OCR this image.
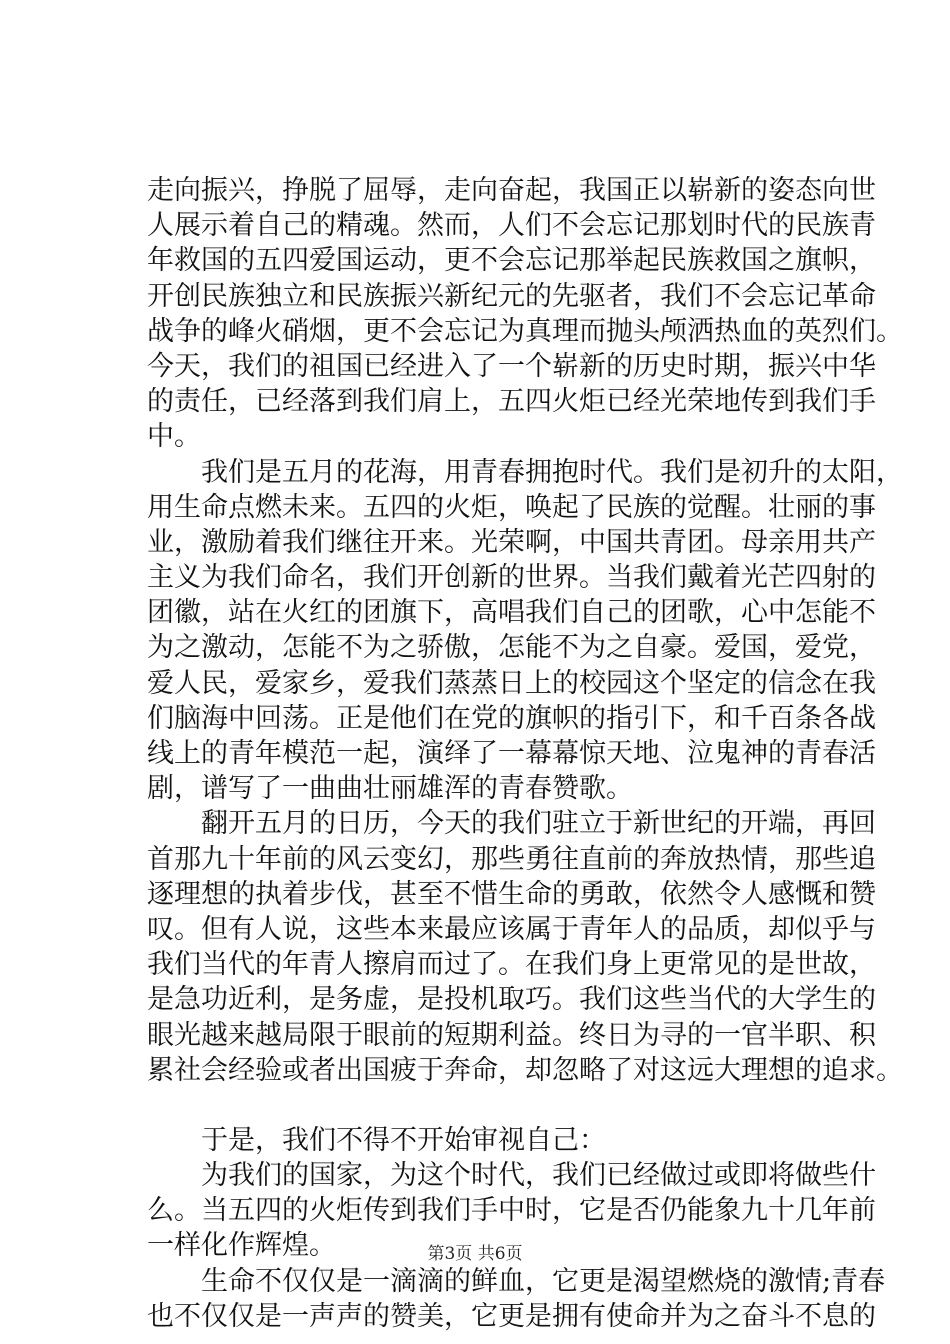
走向振兴，挣脱了屈辱，走向奋起，我国正以崭新的姿态向世
人展示着自己的精魂。然而，人们不会忘记那划时代的民族青
年救国的五四爱国运动，更不会忘记那举起民族救国之旗帜，
开创民族独立和民族振兴新纪元的先驱者，我们不会忘记革命
战争的峰火硝烟，更不会忘记为真理而抛头颅洒热血的英烈们。
今天，我们的祖国已经进入了一个崭新的历史时期，振兴中华
的责任，已经落到我们肩上，五四火炬已经光荣地传到我们手
中。
　　我们是五月的花海，用青春拥抱时代。我们是初升的太阳，
用生命点燃未来。五四的火炬，唤起了民族的觉醒。壮丽的事
业，激励着我们继往开来。光荣啊，中国共青团。母亲用共产
主义为我们命名，我们开创新的世界。当我们戴着光芒四射的
团徽，站在火红的团旗下，高唱我们自己的团歌，心中怎能不
为之激动，怎能不为之骄傲，怎能不为之自豪。爱国，爱党，
爱人民，爱家乡，爱我们蒸蒸日上的校园这个坚定的信念在我
们脑海中回荡。正是他们在党的旗帜的指引下，和千百条各战
线上的青年模范一起，演绎了一幕幕惊天地、泣鬼神的青春活
剧，谱写了一曲曲壮丽雄浑的青春赞歌。
　　翻开五月的日历，今天的我们驻立于新世纪的开端，再回
首那九十年前的风云变幻，那些勇往直前的奔放热情，那些追
逐理想的执着步伐，甚至不惜生命的勇敢，依然令人感慨和赞
叹。但有人说，这些本来最应该属于青年人的品质，却似乎与
我们当代的年青人擦肩而过了。在我们身上更常见的是世故，
是急功近利，是务虚，是投机取巧。我们这些当代的大学生的
眼光越来越局限于眼前的短期利益。终日为寻的一官半职、积
累社会经验或者出国疲于奔命，却忽略了对这远大理想的追求。
　　于是，我们不得不开始审视自己：
　　为我们的国家，为这个时代，我们已经做过或即将做些什
么。当五四的火炬传到我们手中时，它是否仍能象九十几年前
一样化作辉煌。
　　生命不仅仅是一滴滴的鲜血，它更是渴望燃烧的激情;青春
也不仅仅是一声声的赞美，它更是拥有使命并为之奋斗不息的
第3页 共6页
